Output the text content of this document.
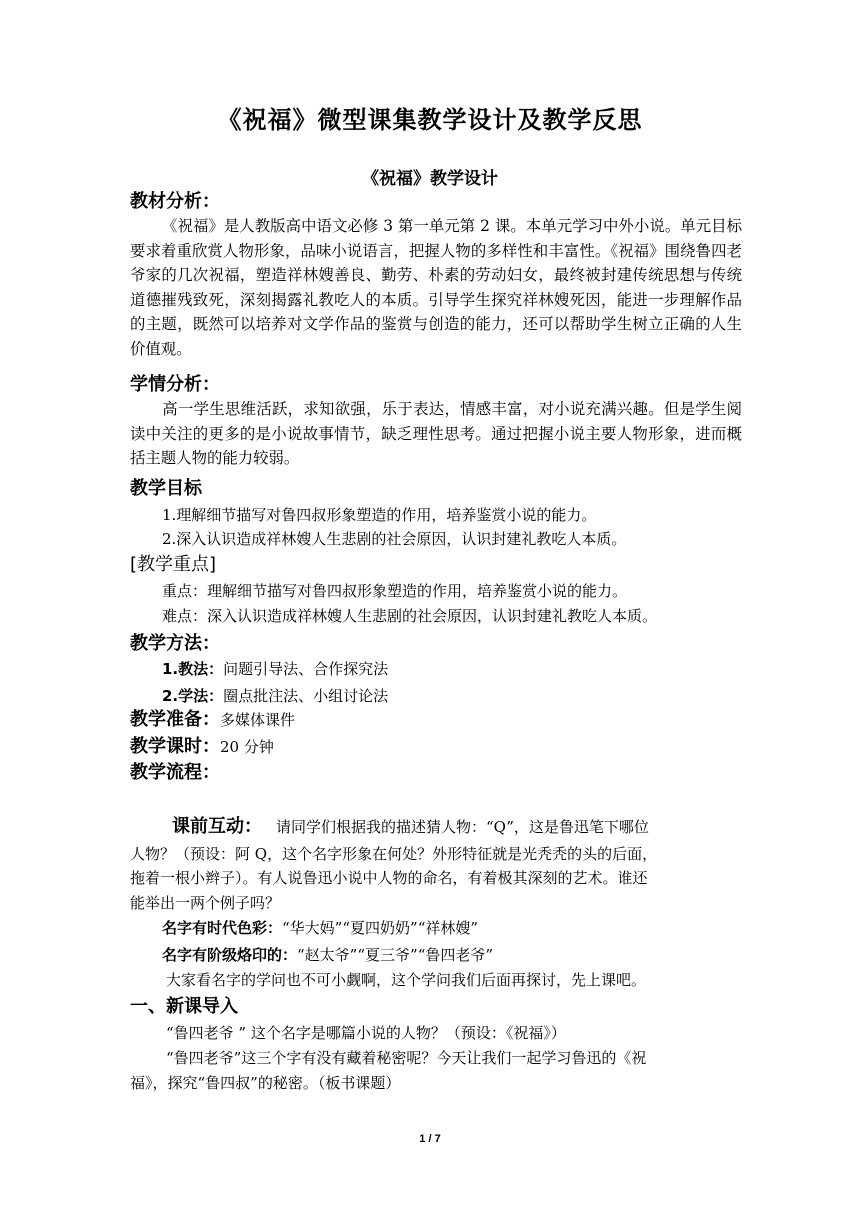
《祝福》微型课集教学设计及教学反思
《祝福》教学设计
教材分析：
《祝福》是人教版高中语文必修 3 第一单元第 2 课。本单元学习中外小说。单元目标要求着重欣赏人物形象，品味小说语言，把握人物的多样性和丰富性。《祝福》围绕鲁四老爷家的几次祝福，塑造祥林嫂善良、勤劳、朴素的劳动妇女，最终被封建传统思想与传统道德摧残致死，深刻揭露礼教吃人的本质。引导学生探究祥林嫂死因，能进一步理解作品的主题，既然可以培养对文学作品的鉴赏与创造的能力，还可以帮助学生树立正确的人生价值观。
学情分析：
高一学生思维活跃，求知欲强，乐于表达，情感丰富，对小说充满兴趣。但是学生阅读中关注的更多的是小说故事情节，缺乏理性思考。通过把握小说主要人物形象，进而概括主题人物的能力较弱。
教学目标
1.理解细节描写对鲁四叔形象塑造的作用，培养鉴赏小说的能力。
2.深入认识造成祥林嫂人生悲剧的社会原因，认识封建礼教吃人本质。
[教学重点]
重点：理解细节描写对鲁四叔形象塑造的作用，培养鉴赏小说的能力。
难点：深入认识造成祥林嫂人生悲剧的社会原因，认识封建礼教吃人本质。
教学方法：
1.教法：问题引导法、合作探究法
2.学法：圈点批注法、小组讨论法
教学准备：多媒体课件
教学课时：20 分钟
教学流程：
课前互动： 请同学们根据我的描述猜人物：“Q”，这是鲁迅笔下哪位
人物？（预设：阿 Q，这个名字形象在何处？外形特征就是光秃秃的头的后面，
拖着一根小辫子）。有人说鲁迅小说中人物的命名，有着极其深刻的艺术。谁还
能举出一两个例子吗？
名字有时代色彩：“华大妈”“夏四奶奶”“祥林嫂”
名字有阶级烙印的：“赵太爷”“夏三爷”“鲁四老爷”
大家看名字的学问也不可小觑啊，这个学问我们后面再探讨，先上课吧。
一、新课导入
“鲁四老爷 ” 这个名字是哪篇小说的人物？（预设：《祝福》）
“鲁四老爷”这三个字有没有藏着秘密呢？今天让我们一起学习鲁迅的《祝
福》，探究“鲁四叔”的秘密。（板书课题）
1 / 7
